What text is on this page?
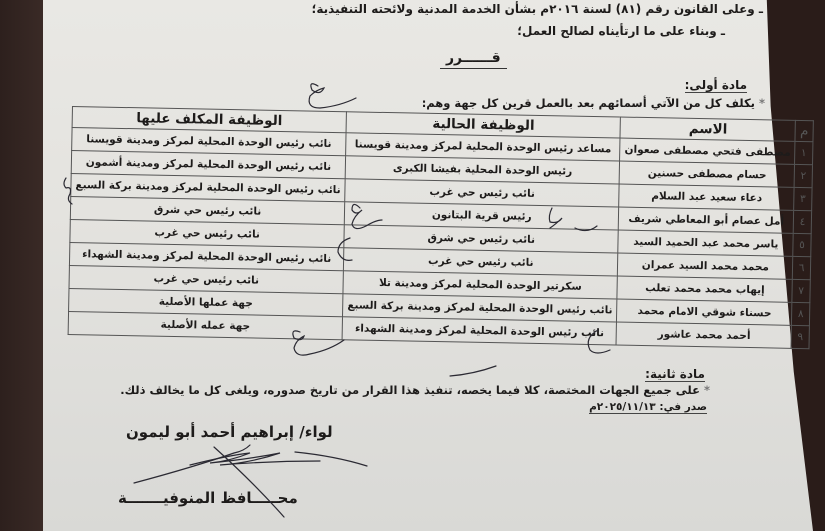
ـ وعلى القانون رقم (٨١) لسنة ٢٠١٦م بشأن الخدمة المدنية ولائحته التنفيذية؛
ـ وبناء على ما ارتأيناه لصالح العمل؛
قــــــرر
مادة أولى:
*يكلف كل من الآتي أسمائهم بعد بالعمل قرين كل جهة وهم:
م	الاسم	الوظيفة الحالية	الوظيفة المكلف عليها
١	مصطفى فتحي مصطفى صعوان	مساعد رئيس الوحدة المحلية لمركز ومدينة قويسنا	نائب رئيس الوحدة المحلية لمركز ومدينة قويسنا
٢	حسام مصطفى حسنين	رئيس الوحدة المحلية بفيشا الكبرى	نائب رئيس الوحدة المحلية لمركز ومدينة أشمون
٣	دعاء سعيد عبد السلام	نائب رئيس حي غرب	نائب رئيس الوحدة المحلية لمركز ومدينة بركة السبع
٤	أمل عصام أبو المعاطي شريف	رئيس قرية البتانون	نائب رئيس حي شرق
٥	ياسر محمد عبد الحميد السيد	نائب رئيس حي شرق	نائب رئيس حي غرب
٦	محمد محمد السيد عمران	نائب رئيس حي غرب	نائب رئيس الوحدة المحلية لمركز ومدينة الشهداء
٧	إيهاب محمد محمد تعلب	سكرتير الوحدة المحلية لمركز ومدينة تلا	نائب رئيس حي غرب
٨	حسناء شوقي الامام محمد	نائب رئيس الوحدة المحلية لمركز ومدينة بركة السبع	جهة عملها الأصلية
٩	أحمد محمد عاشور	نائب رئيس الوحدة المحلية لمركز ومدينة الشهداء	جهة عمله الأصلية
مادة ثانية:
*على جميع الجهات المختصة، كلا فيما يخصه، تنفيذ هذا القرار من تاريخ صدوره، ويلغى كل ما يخالف ذلك.
صدر في: ٢٠٢٥/١١/١٣م
لواء/ إبراهيم أحمد أبو ليمون
محـــــافظ المنوفيـــــــة
